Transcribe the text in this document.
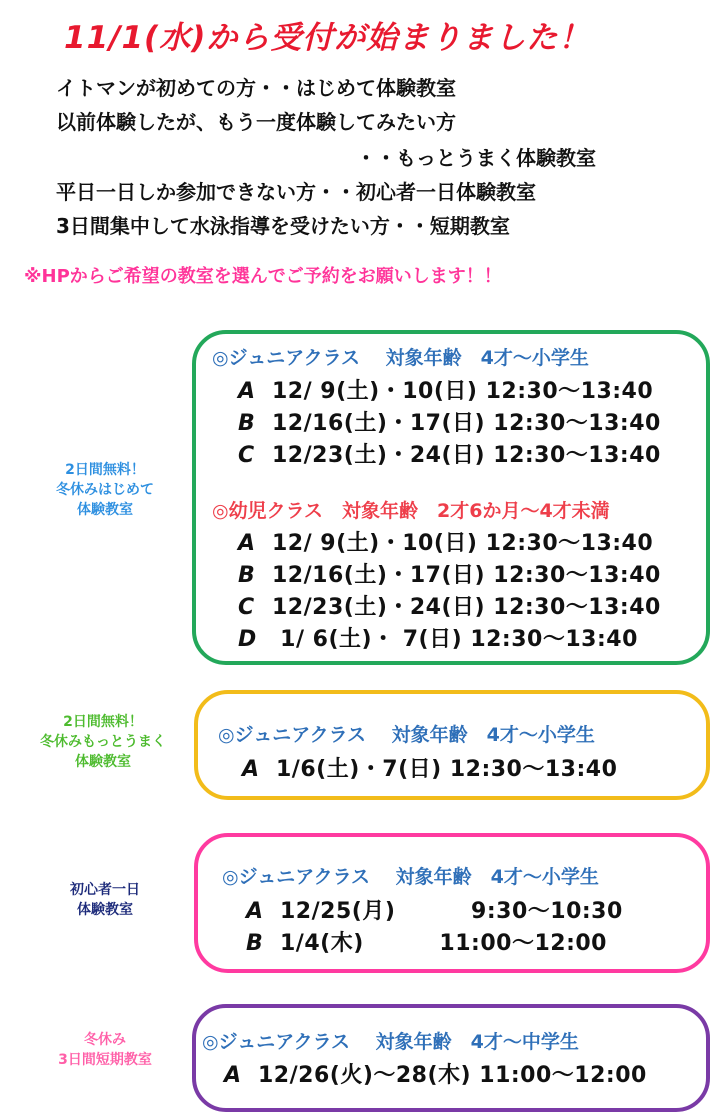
11/1(水)から受付が始まりました！
イトマンが初めての方・・はじめて体験教室
以前体験したが、もう一度体験してみたい方
・・もっとうまく体験教室
平日一日しか参加できない方・・初心者一日体験教室
3日間集中して水泳指導を受けたい方・・短期教室
※HPからご希望の教室を選んでご予約をお願いします！！
2日間無料！
冬休みはじめて
体験教室
◎ジュニアクラス　 対象年齢　4才～小学生
A 12/ 9(土)・10(日) 12:30～13:40
B 12/16(土)・17(日) 12:30～13:40
C 12/23(土)・24(日) 12:30～13:40
◎幼児クラス　対象年齢　2才6か月～4才未満
A 12/ 9(土)・10(日) 12:30～13:40
B 12/16(土)・17(日) 12:30～13:40
C 12/23(土)・24(日) 12:30～13:40
D 1/ 6(土)・ 7(日) 12:30～13:40
2日間無料！
冬休みもっとうまく
体験教室
◎ジュニアクラス　 対象年齢　4才～小学生
A 1/6(土)・7(日) 12:30～13:40
初心者一日
体験教室
◎ジュニアクラス　 対象年齢　4才～小学生
A 12/25(月)　　　 9:30～10:30
B 1/4(木)　　　 11:00～12:00
冬休み
3日間短期教室
◎ジュニアクラス　 対象年齢　4才～中学生
A 12/26(火)～28(木) 11:00～12:00
